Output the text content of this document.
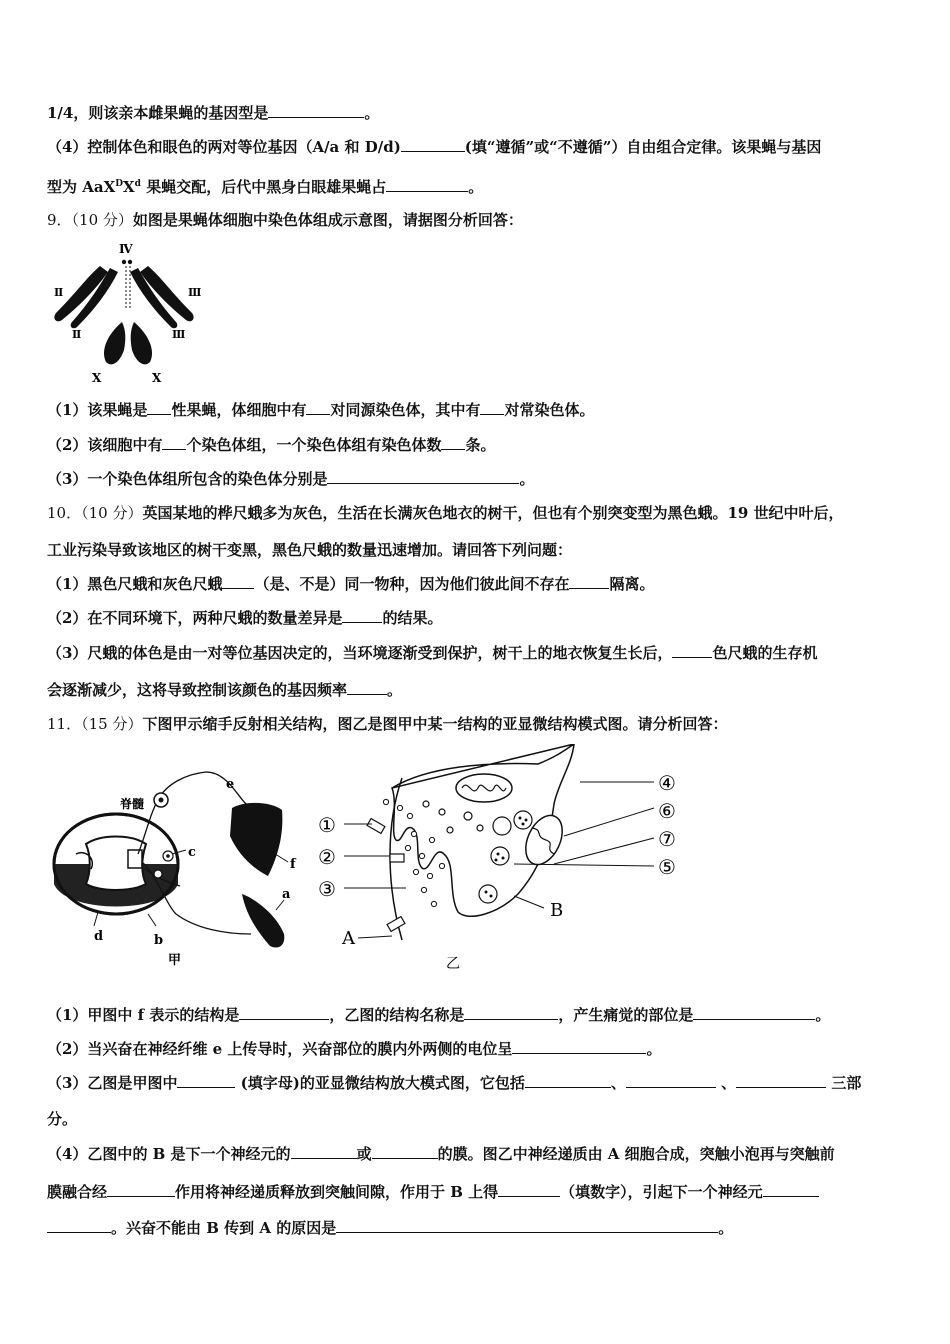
1/4，则该亲本雌果蝇的基因型是	。
（4）控制体色和眼色的两对等位基因（A/a 和 D/d)	(填“遵循”或“不遵循”）自由组合定律。该果蝇与基因
型为 $AaX^DX^d$ 果蝇交配，后代中黑身白眼雄果蝇占	。
9．（10 分）如图是果蝇体细胞中染色体组成示意图，请据图分析回答：
Ⅳ
Ⅱ
Ⅱ
Ⅲ
Ⅲ
X	X
（1）该果蝇是 性果蝇，体细胞中有 对同源染色体，其中有 对常染色体。
（2）该细胞中有 个染色体组，一个染色体组有染色体数 条。
（3）一个染色体组所包含的染色体分别是	。
10．（10 分）英国某地的桦尺蛾多为灰色，生活在长满灰色地衣的树干，但也有个别突变型为黑色蛾。19 世纪中叶后，
工业污染导致该地区的树干变黑，黑色尺蛾的数量迅速增加。请回答下列问题：
（1）黑色尺蛾和灰色尺蛾 （是、不是）同一物种，因为他们彼此间不存在	隔离。
（2）在不同环境下，两种尺蛾的数量差异是	的结果。
（3）尺蛾的体色是由一对等位基因决定的，当环境逐渐受到保护，树干上的地衣恢复生长后，	色尺蛾的生存机
会逐渐减少，这将导致控制该颜色的基因频率	。
11．（15 分）下图甲示缩手反射相关结构，图乙是图甲中某一结构的亚显微结构模式图。请分析回答：
脊髓
e
c
f
a
d	b
甲
①
②
③
A
B
④
⑥
⑦
⑤
乙
（1）甲图中 f 表示的结构是	，乙图的结构名称是	，产生痛觉的部位是	。
（2）当兴奋在神经纤维 e 上传导时，兴奋部位的膜内外两侧的电位呈	。
（3）乙图是甲图中	(填字母)的亚显微结构放大模式图，它包括	、	、	三部
分。
（4）乙图中的 B 是下一个神经元的	或	的膜。图乙中神经递质由 A 细胞合成，突触小泡再与突触前
膜融合经	作用将神经递质释放到突触间隙，作用于 B 上得	（填数字），引起下一个神经元
。兴奋不能由 B 传到 A 的原因是	。
